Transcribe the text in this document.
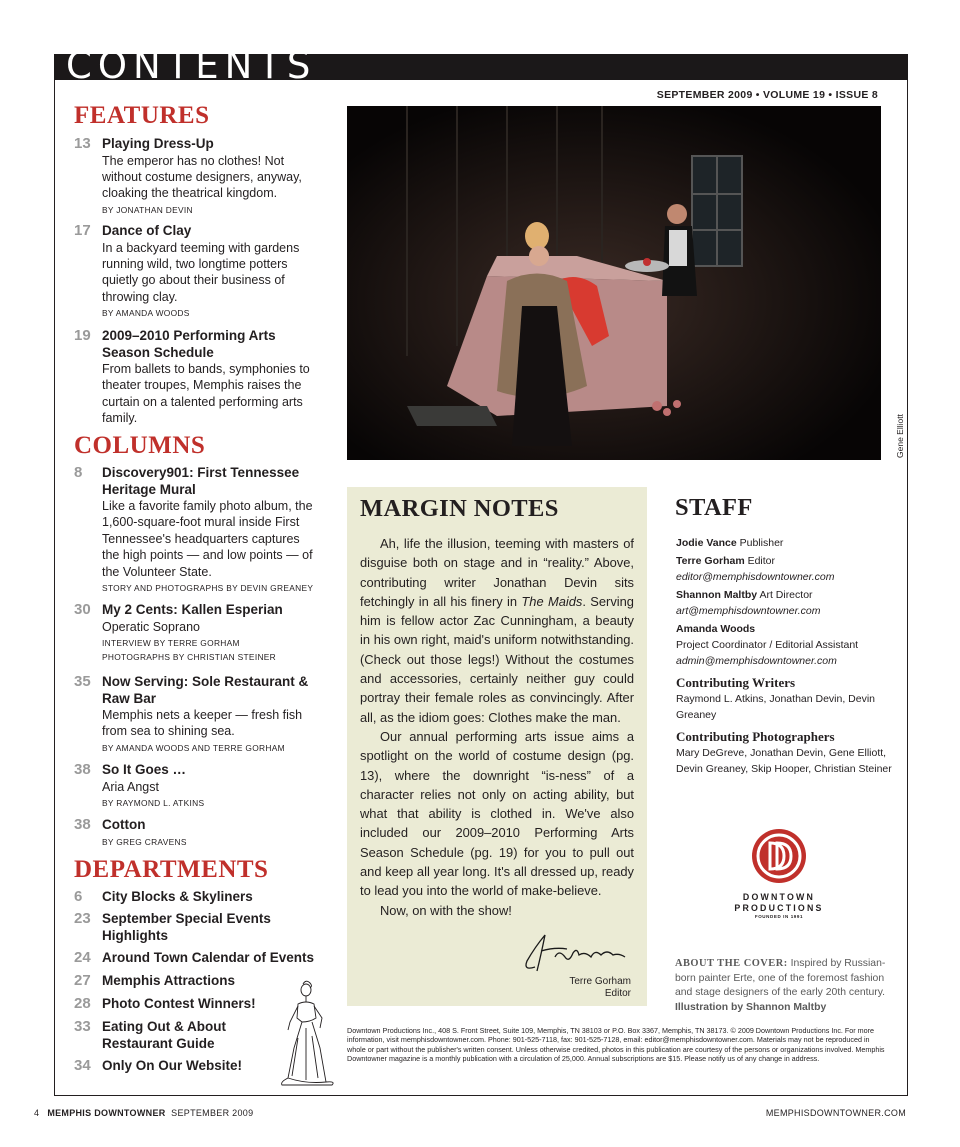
CONTENTS
SEPTEMBER 2009 • VOLUME 19 • ISSUE 8
FEATURES
13 Playing Dress-Up
The emperor has no clothes! Not without costume designers, anyway, cloaking the theatrical kingdom.
BY JONATHAN DEVIN
17 Dance of Clay
In a backyard teeming with gardens running wild, two longtime potters quietly go about their business of throwing clay.
BY AMANDA WOODS
19 2009–2010 Performing Arts Season Schedule
From ballets to bands, symphonies to theater troupes, Memphis raises the curtain on a talented performing arts family.
COLUMNS
8	Discovery901: First Tennessee Heritage Mural
Like a favorite family photo album, the 1,600-square-foot mural inside First Tennessee's headquarters captures the high points — and low points — of the Volunteer State.
STORY AND PHOTOGRAPHS BY DEVIN GREANEY
30 My 2 Cents: Kallen Esperian
Operatic Soprano
INTERVIEW BY TERRE GORHAM
PHOTOGRAPHS BY CHRISTIAN STEINER
35 Now Serving: Sole Restaurant & Raw Bar
Memphis nets a keeper — fresh fish from sea to shining sea.
BY AMANDA WOODS AND TERRE GORHAM
38 So It Goes …
Aria Angst
BY RAYMOND L. ATKINS
38 Cotton
BY GREG CRAVENS
DEPARTMENTS
6	City Blocks & Skyliners
23 September Special Events Highlights
24 Around Town Calendar of Events
27 Memphis Attractions
28 Photo Contest Winners!
33 Eating Out & About Restaurant Guide
34 Only On Our Website!
Gene Elliott
MARGIN NOTES

Ah, life the illusion, teeming with masters of disguise both on stage and in “reality.” Above, contributing writer Jonathan Devin sits fetchingly in all his finery in The Maids. Serving him is fellow actor Zac Cunningham, a beauty in his own right, maid's uniform notwithstanding. (Check out those legs!) Without the costumes and accessories, certainly neither guy could portray their female roles as convincingly. After all, as the idiom goes: Clothes make the man.

Our annual performing arts issue aims a spotlight on the world of costume design (pg. 13), where the downright “is-ness” of a character relies not only on acting ability, but what that ability is clothed in. We've also included our 2009–2010 Performing Arts Season Schedule (pg. 19) for you to pull out and keep all year long. It's all dressed up, ready to lead you into the world of make-believe.

Now, on with the show!

Terre Gorham
Editor
STAFF
Jodie Vance Publisher
Terre Gorham Editor
editor@memphisdowntowner.com
Shannon Maltby Art Director
art@memphisdowntowner.com
Amanda Woods
Project Coordinator / Editorial Assistant
admin@memphisdowntowner.com
Contributing Writers
Raymond L. Atkins, Jonathan Devin, Devin Greaney
Contributing Photographers
Mary DeGreve, Jonathan Devin, Gene Elliott, Devin Greaney, Skip Hooper, Christian Steiner
DOWNTOWN
PRODUCTIONS
FOUNDED IN 1991
ABOUT THE COVER: Inspired by Russian-born painter Erte, one of the foremost fashion and stage designers of the early 20th century. Illustration by Shannon Maltby
Downtown Productions Inc., 408 S. Front Street, Suite 109, Memphis, TN 38103 or P.O. Box 3367, Memphis, TN 38173. © 2009 Downtown Productions Inc. For more information, visit memphisdowntowner.com. Phone: 901-525-7118, fax: 901-525-7128, email: editor@memphisdowntowner.com. Materials may not be reproduced in whole or part without the publisher's written consent. Unless otherwise credited, photos in this publication are courtesy of the persons or organizations involved. Memphis Downtowner magazine is a monthly publication with a circulation of 25,000. Annual subscriptions are $15. Please notify us of any change in address.
4 MEMPHIS DOWNTOWNER SEPTEMBER 2009	MEMPHISDOWNTOWNER.COM
